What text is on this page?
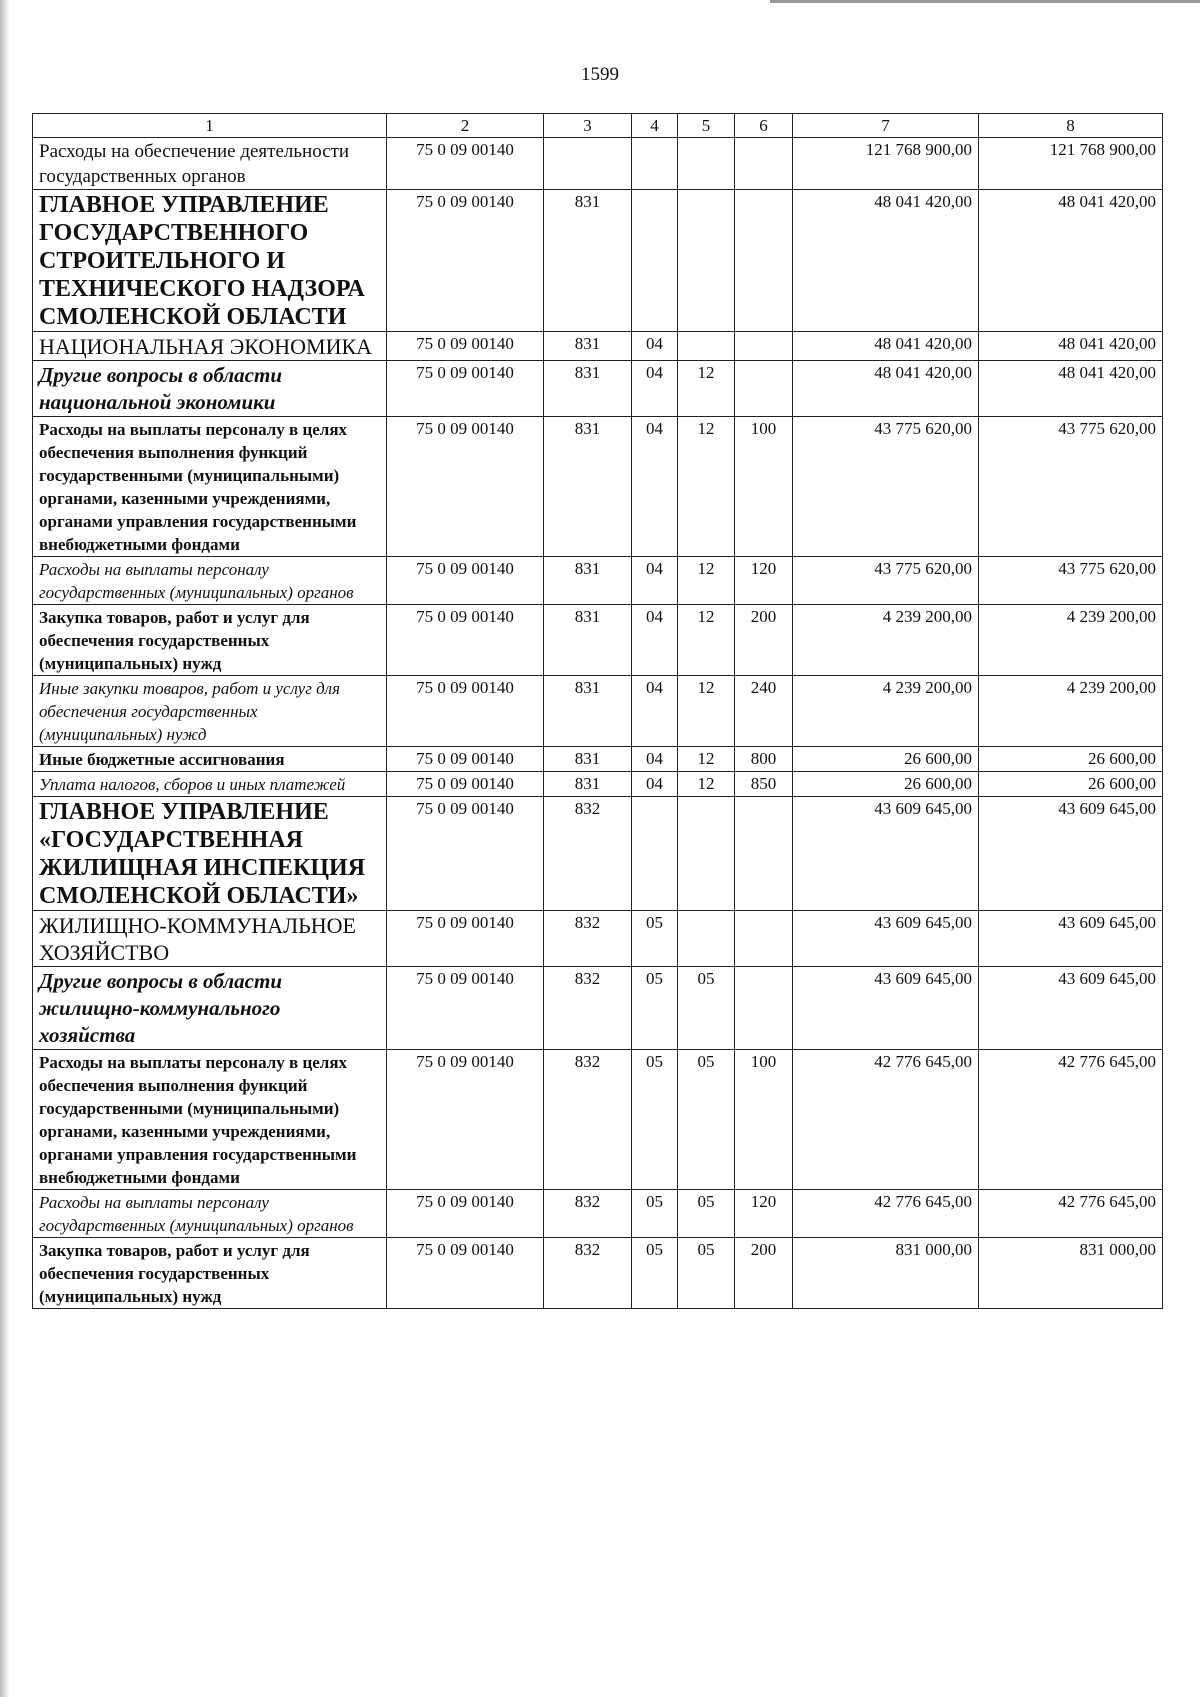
1599
1	2	3	4	5	6	7	8
Расходы на обеспечение деятельности государственных органов	75 0 09 00140					121 768 900,00	121 768 900,00
ГЛАВНОЕ УПРАВЛЕНИЕ ГОСУДАРСТВЕННОГО СТРОИТЕЛЬНОГО И ТЕХНИЧЕСКОГО НАДЗОРА СМОЛЕНСКОЙ ОБЛАСТИ	75 0 09 00140	831				48 041 420,00	48 041 420,00
НАЦИОНАЛЬНАЯ ЭКОНОМИКА	75 0 09 00140	831	04			48 041 420,00	48 041 420,00
Другие вопросы в области национальной экономики	75 0 09 00140	831	04	12		48 041 420,00	48 041 420,00
Расходы на выплаты персоналу в целях обеспечения выполнения функций государственными (муниципальными) органами, казенными учреждениями, органами управления государственными внебюджетными фондами	75 0 09 00140	831	04	12	100	43 775 620,00	43 775 620,00
Расходы на выплаты персоналу государственных (муниципальных) органов	75 0 09 00140	831	04	12	120	43 775 620,00	43 775 620,00
Закупка товаров, работ и услуг для обеспечения государственных (муниципальных) нужд	75 0 09 00140	831	04	12	200	4 239 200,00	4 239 200,00
Иные закупки товаров, работ и услуг для обеспечения государственных (муниципальных) нужд	75 0 09 00140	831	04	12	240	4 239 200,00	4 239 200,00
Иные бюджетные ассигнования	75 0 09 00140	831	04	12	800	26 600,00	26 600,00
Уплата налогов, сборов и иных платежей	75 0 09 00140	831	04	12	850	26 600,00	26 600,00
ГЛАВНОЕ УПРАВЛЕНИЕ «ГОСУДАРСТВЕННАЯ ЖИЛИЩНАЯ ИНСПЕКЦИЯ СМОЛЕНСКОЙ ОБЛАСТИ»	75 0 09 00140	832				43 609 645,00	43 609 645,00
ЖИЛИЩНО-КОММУНАЛЬНОЕ ХОЗЯЙСТВО	75 0 09 00140	832	05			43 609 645,00	43 609 645,00
Другие вопросы в области жилищно-коммунального хозяйства	75 0 09 00140	832	05	05		43 609 645,00	43 609 645,00
Расходы на выплаты персоналу в целях обеспечения выполнения функций государственными (муниципальными) органами, казенными учреждениями, органами управления государственными внебюджетными фондами	75 0 09 00140	832	05	05	100	42 776 645,00	42 776 645,00
Расходы на выплаты персоналу государственных (муниципальных) органов	75 0 09 00140	832	05	05	120	42 776 645,00	42 776 645,00
Закупка товаров, работ и услуг для обеспечения государственных (муниципальных) нужд	75 0 09 00140	832	05	05	200	831 000,00	831 000,00
